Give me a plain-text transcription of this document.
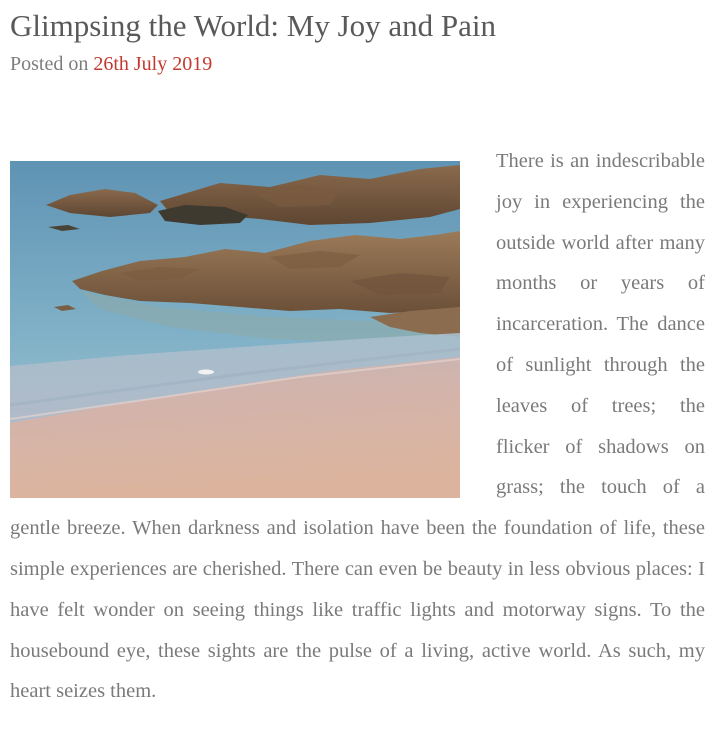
Glimpsing the World: My Joy and Pain
Posted on 26th July 2019
There is an indescribable joy in experiencing the outside world after many months or years of incarceration. The dance of sunlight through the leaves of trees; the flicker of shadows on grass; the touch of a gentle breeze. When darkness and isolation have been the foundation of life, these simple experiences are cherished. There can even be beauty in less obvious places: I have felt wonder on seeing things like traffic lights and motorway signs. To the housebound eye, these sights are the pulse of a living, active world. As such, my heart seizes them.
